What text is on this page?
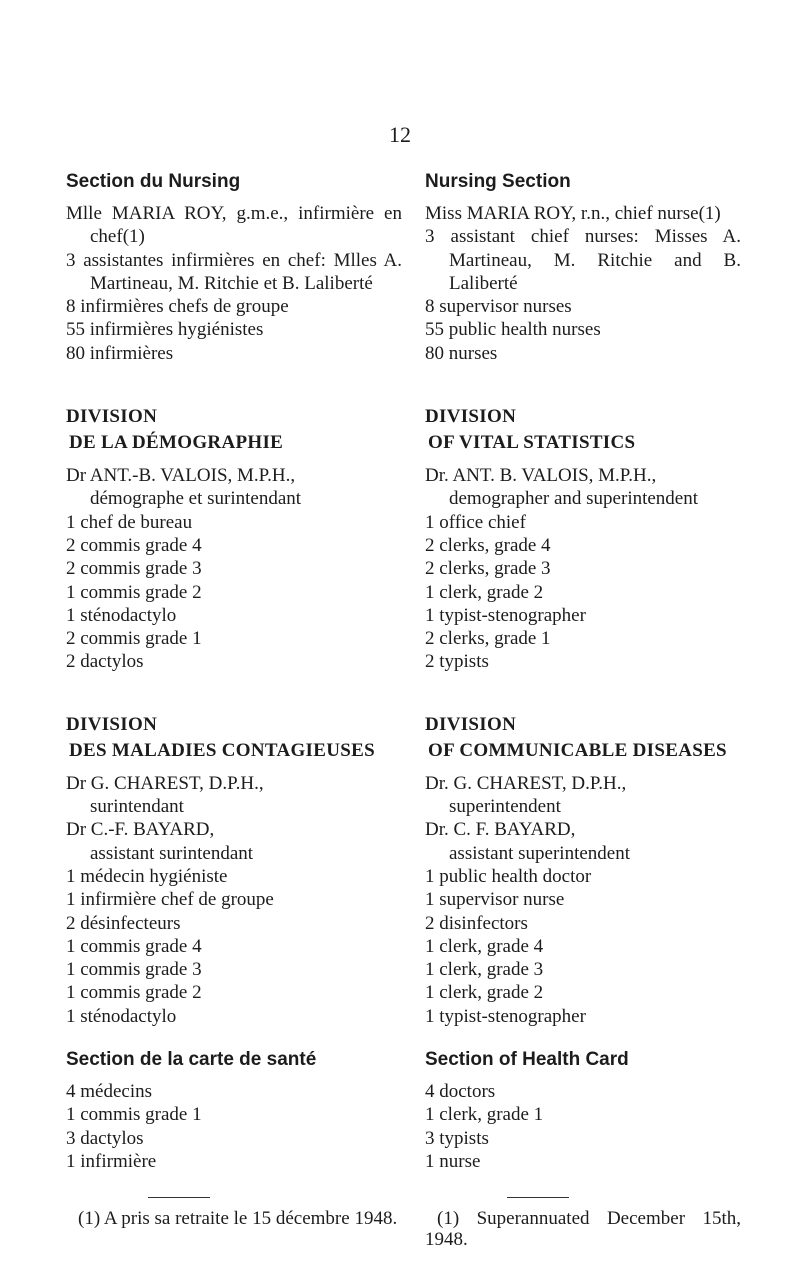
12
Section du Nursing
Mlle MARIA ROY, g.m.e., infirmière en chef(1)
3 assistantes infirmières en chef: Mlles A. Martineau, M. Ritchie et B. Laliberté
8 infirmières chefs de groupe
55 infirmières hygiénistes
80 infirmières
DIVISION
DE LA DÉMOGRAPHIE
Dr ANT.-B. VALOIS, M.P.H.,
démographe et surintendant
1 chef de bureau
2 commis grade 4
2 commis grade 3
1 commis grade 2
1 sténodactylo
2 commis grade 1
2 dactylos
DIVISION
DES MALADIES CONTAGIEUSES
Dr G. CHAREST, D.P.H.,
surintendant
Dr C.-F. BAYARD,
assistant surintendant
1 médecin hygiéniste
1 infirmière chef de groupe
2 désinfecteurs
1 commis grade 4
1 commis grade 3
1 commis grade 2
1 sténodactylo
Section de la carte de santé
4 médecins
1 commis grade 1
3 dactylos
1 infirmière
(1) A pris sa retraite le 15 décembre 1948.
Nursing Section
Miss MARIA ROY, r.n., chief nurse(1)
3 assistant chief nurses: Misses A. Martineau, M. Ritchie and B. Laliberté
8 supervisor nurses
55 public health nurses
80 nurses
DIVISION
OF VITAL STATISTICS
Dr. ANT. B. VALOIS, M.P.H.,
demographer and superintendent
1 office chief
2 clerks, grade 4
2 clerks, grade 3
1 clerk, grade 2
1 typist-stenographer
2 clerks, grade 1
2 typists
DIVISION
OF COMMUNICABLE DISEASES
Dr. G. CHAREST, D.P.H.,
superintendent
Dr. C. F. BAYARD,
assistant superintendent
1 public health doctor
1 supervisor nurse
2 disinfectors
1 clerk, grade 4
1 clerk, grade 3
1 clerk, grade 2
1 typist-stenographer
Section of Health Card
4 doctors
1 clerk, grade 1
3 typists
1 nurse
(1) Superannuated December 15th, 1948.
